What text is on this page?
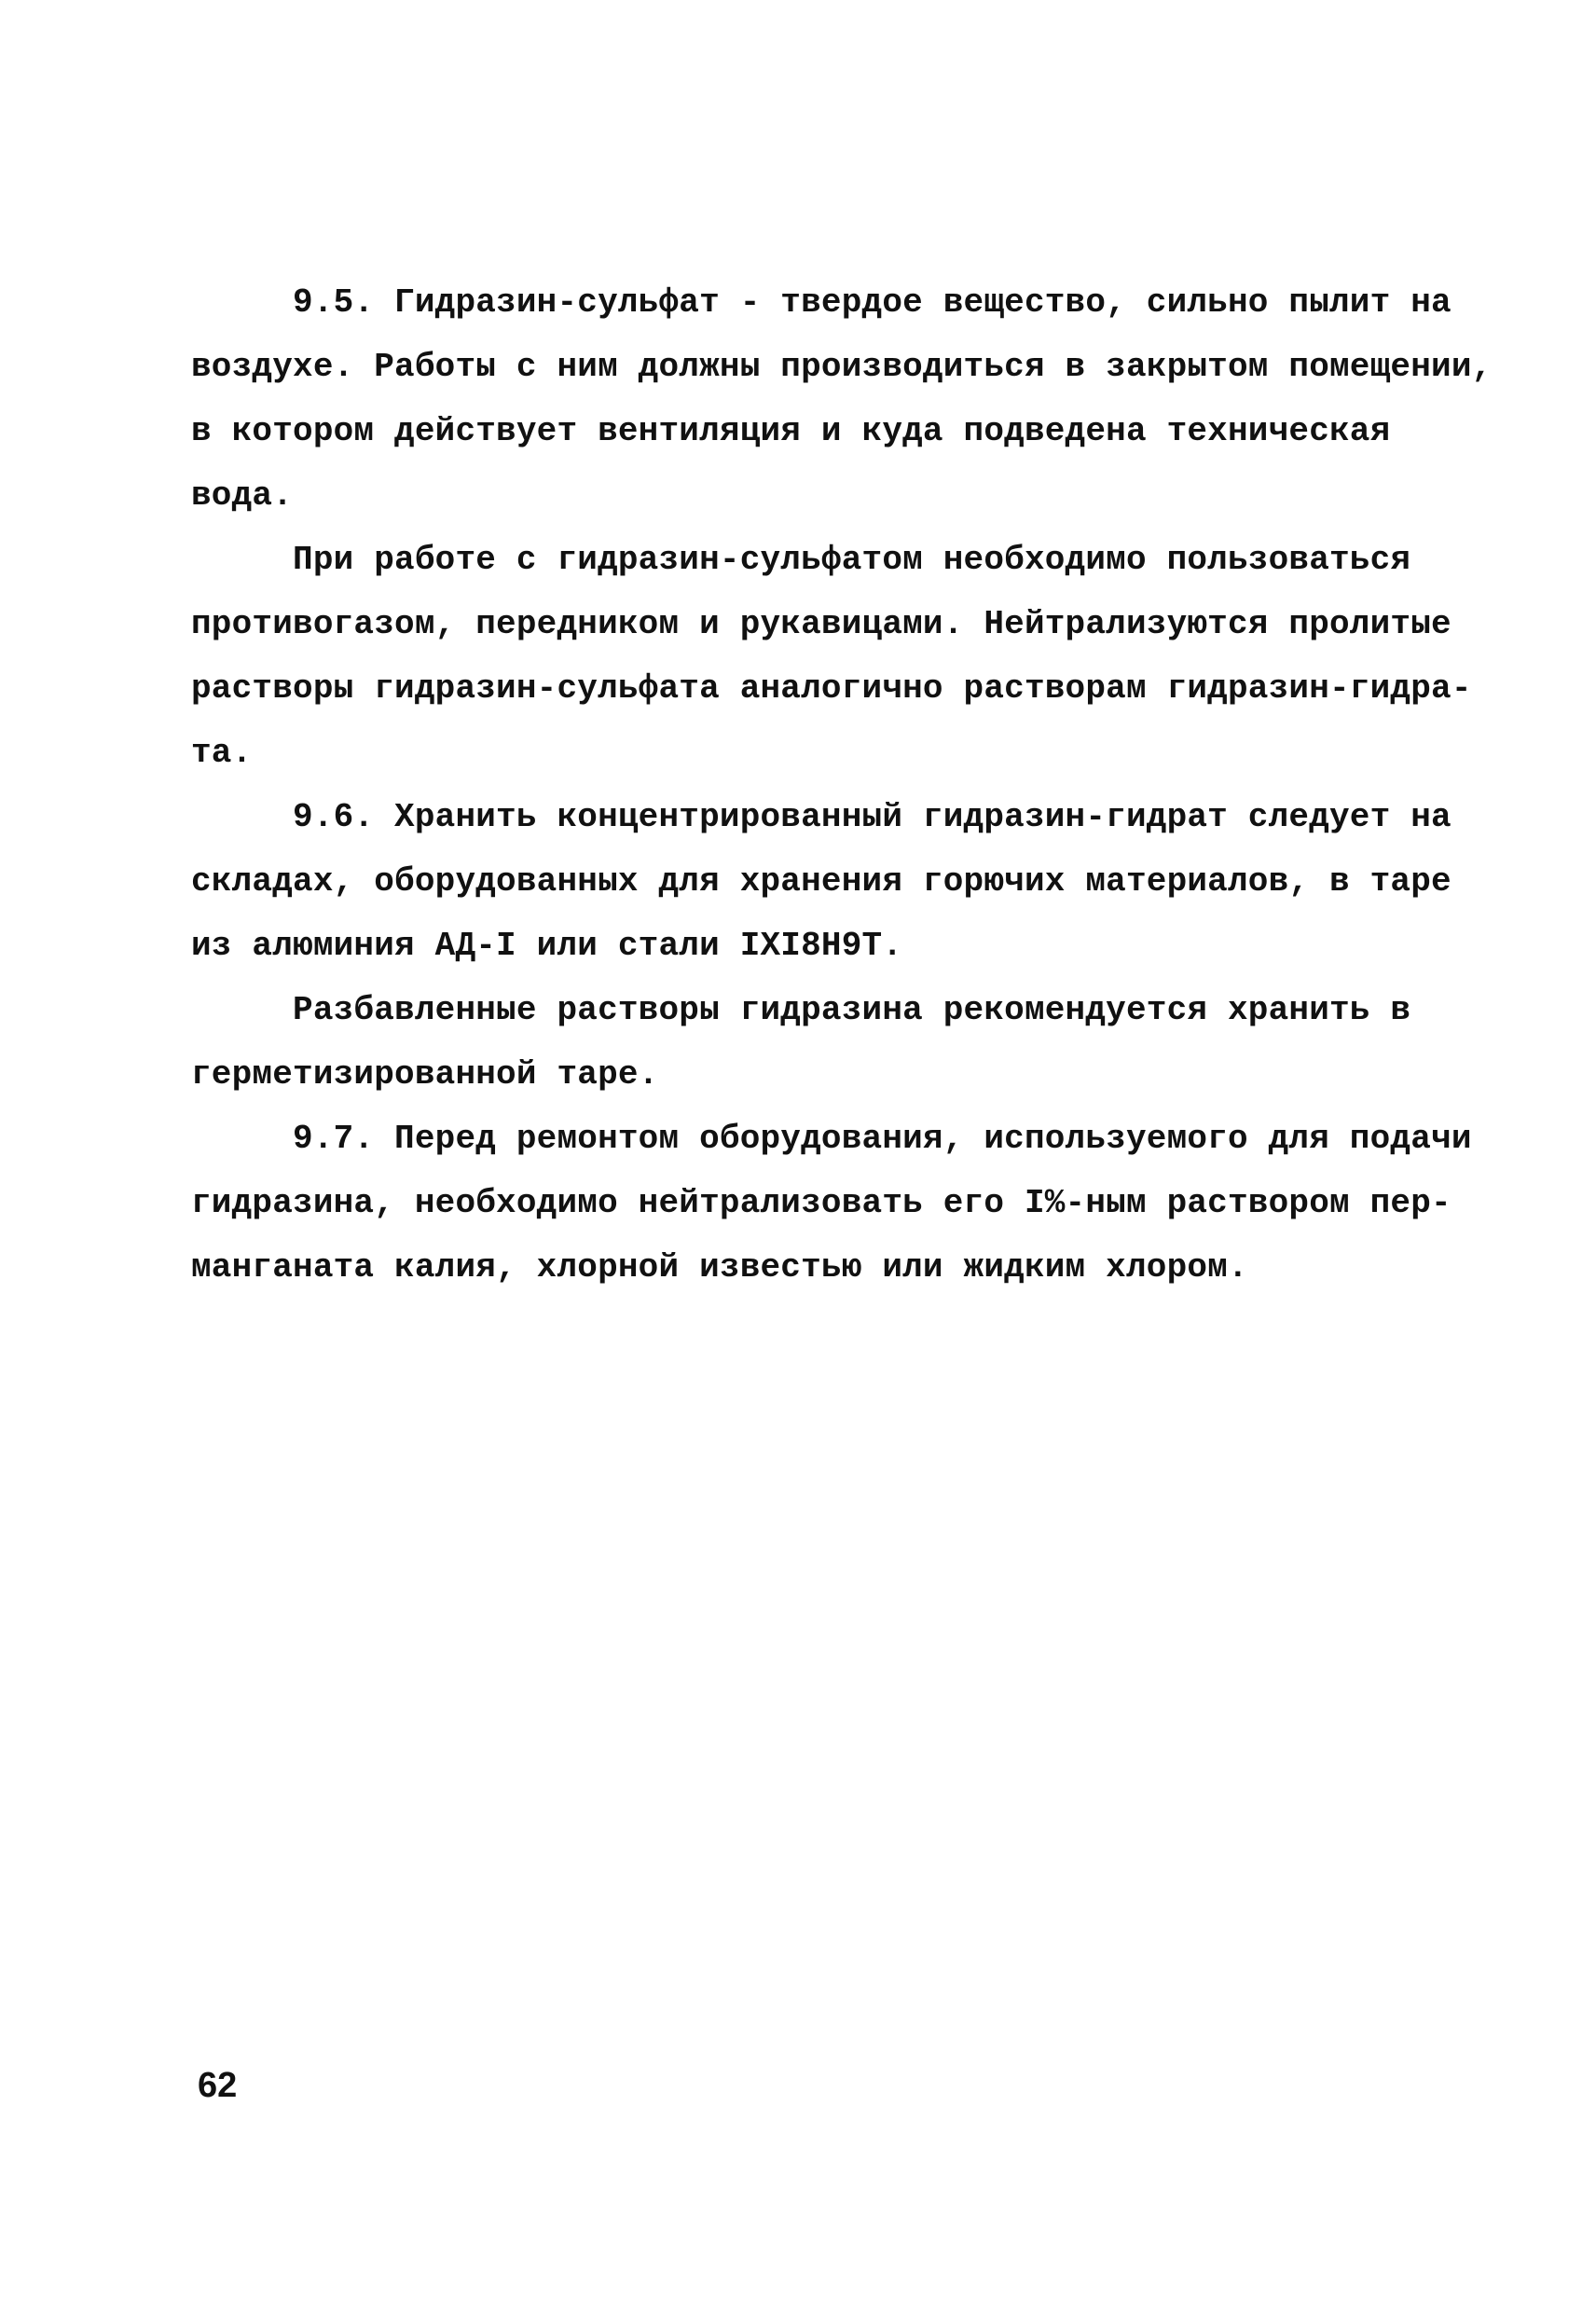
9.5. Гидразин-сульфат - твердое вещество, сильно пылит на
воздухе. Работы с ним должны производиться в закрытом помещении,
в котором действует вентиляция и куда подведена техническая
вода.
При работе с гидразин-сульфатом необходимо пользоваться
противогазом, передником и рукавицами. Нейтрализуются пролитые
растворы гидразин-сульфата аналогично растворам гидразин-гидра-
та.
9.6. Хранить концентрированный гидразин-гидрат следует на
складах, оборудованных для хранения горючих материалов, в таре
из алюминия АД-I или стали IXI8H9T.
Разбавленные растворы гидразина рекомендуется хранить в
герметизированной таре.
9.7. Перед ремонтом оборудования, используемого для подачи
гидразина, необходимо нейтрализовать его I%-ным раствором пер-
манганата калия, хлорной известью или жидким хлором.
62
